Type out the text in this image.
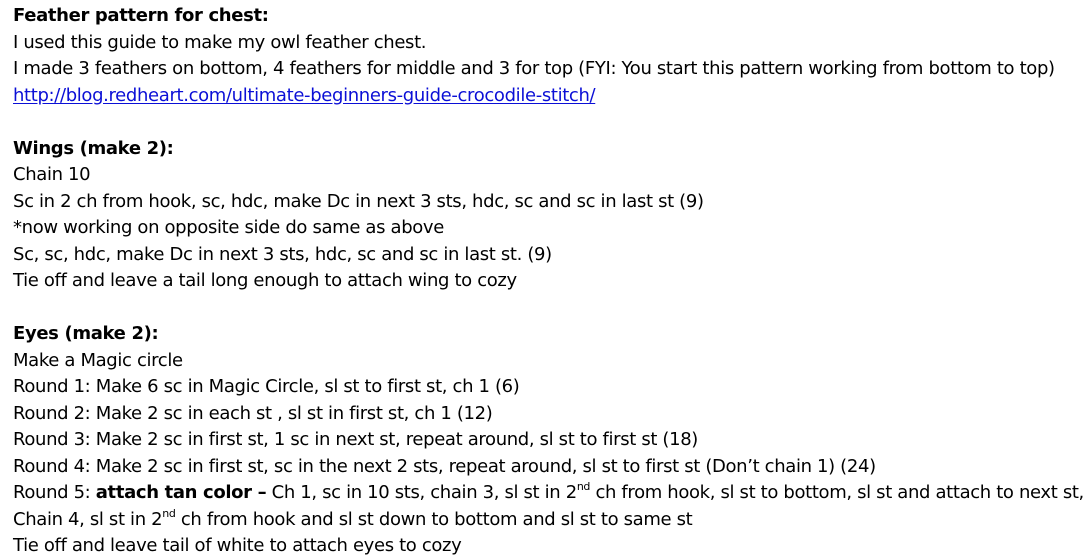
Feather pattern for chest:
I used this guide to make my owl feather chest.
I made 3 feathers on bottom, 4 feathers for middle and 3 for top (FYI: You start this pattern working from bottom to top)
http://blog.redheart.com/ultimate-beginners-guide-crocodile-stitch/
Wings (make 2):
Chain 10
Sc in 2 ch from hook, sc, hdc, make Dc in next 3 sts, hdc, sc and sc in last st (9)
*now working on opposite side do same as above
Sc, sc, hdc, make Dc in next 3 sts, hdc, sc and sc in last st. (9)
Tie off and leave a tail long enough to attach wing to cozy
Eyes (make 2):
Make a Magic circle
Round 1: Make 6 sc in Magic Circle, sl st to first st, ch 1 (6)
Round 2: Make 2 sc in each st , sl st in first st, ch 1 (12)
Round 3: Make 2 sc in first st, 1 sc in next st, repeat around, sl st to first st (18)
Round 4: Make 2 sc in first st, sc in the next 2 sts, repeat around, sl st to first st (Don’t chain 1) (24)
Round 5: attach tan color – Ch 1, sc in 10 sts, chain 3, sl st in 2nd ch from hook, sl st to bottom, sl st and attach to next st,
Chain 4, sl st in 2nd ch from hook and sl st down to bottom and sl st to same st
Tie off and leave tail of white to attach eyes to cozy
